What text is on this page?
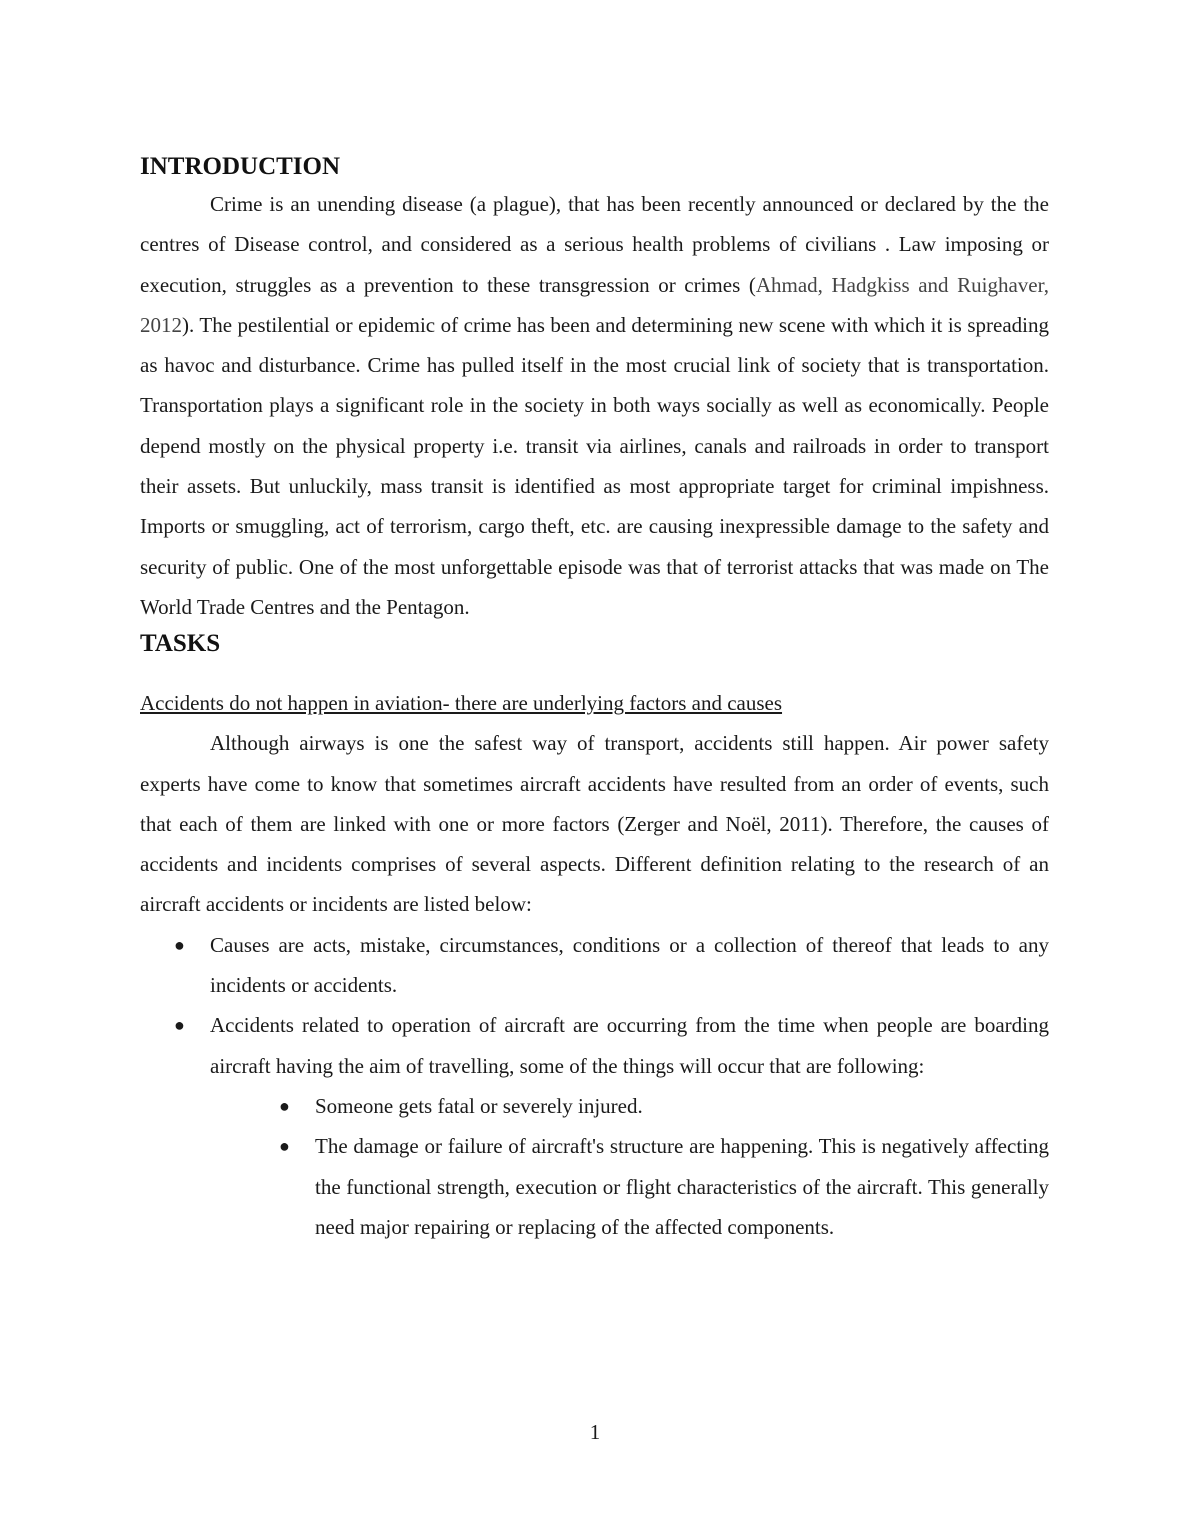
INTRODUCTION

Crime is an unending disease (a plague), that has been recently announced or declared by the the centres of Disease control, and considered as a serious health problems of civilians . Law imposing or execution, struggles as a prevention to these transgression or crimes (Ahmad, Hadgkiss and Ruighaver, 2012). The pestilential or epidemic of crime has been and determining new scene with which it is spreading as havoc and disturbance. Crime has pulled itself in the most crucial link of society that is transportation. Transportation plays a significant role in the society in both ways socially as well as economically. People depend mostly on the physical property i.e. transit via airlines, canals and railroads in order to transport their assets. But unluckily, mass transit is identified as most appropriate target for criminal impishness. Imports or smuggling, act of terrorism, cargo theft, etc. are causing inexpressible damage to the safety and security of public. One of the most unforgettable episode was that of terrorist attacks that was made on The World Trade Centres and the Pentagon.

TASKS
Accidents do not happen in aviation- there are underlying factors and causes

Although airways is one the safest way of transport, accidents still happen. Air power safety experts have come to know that sometimes aircraft accidents have resulted from an order of events, such that each of them are linked with one or more factors (Zerger and Noël, 2011). Therefore, the causes of accidents and incidents comprises of several aspects. Different definition relating to the research of an aircraft accidents or incidents are listed below:

● Causes are acts, mistake, circumstances, conditions or a collection of thereof that leads to any incidents or accidents.
● Accidents related to operation of aircraft are occurring from the time when people are boarding aircraft having the aim of travelling, some of the things will occur that are following:
● Someone gets fatal or severely injured.
● The damage or failure of aircraft's structure are happening. This is negatively affecting the functional strength, execution or flight characteristics of the aircraft. This generally need major repairing or replacing of the affected components.
1
